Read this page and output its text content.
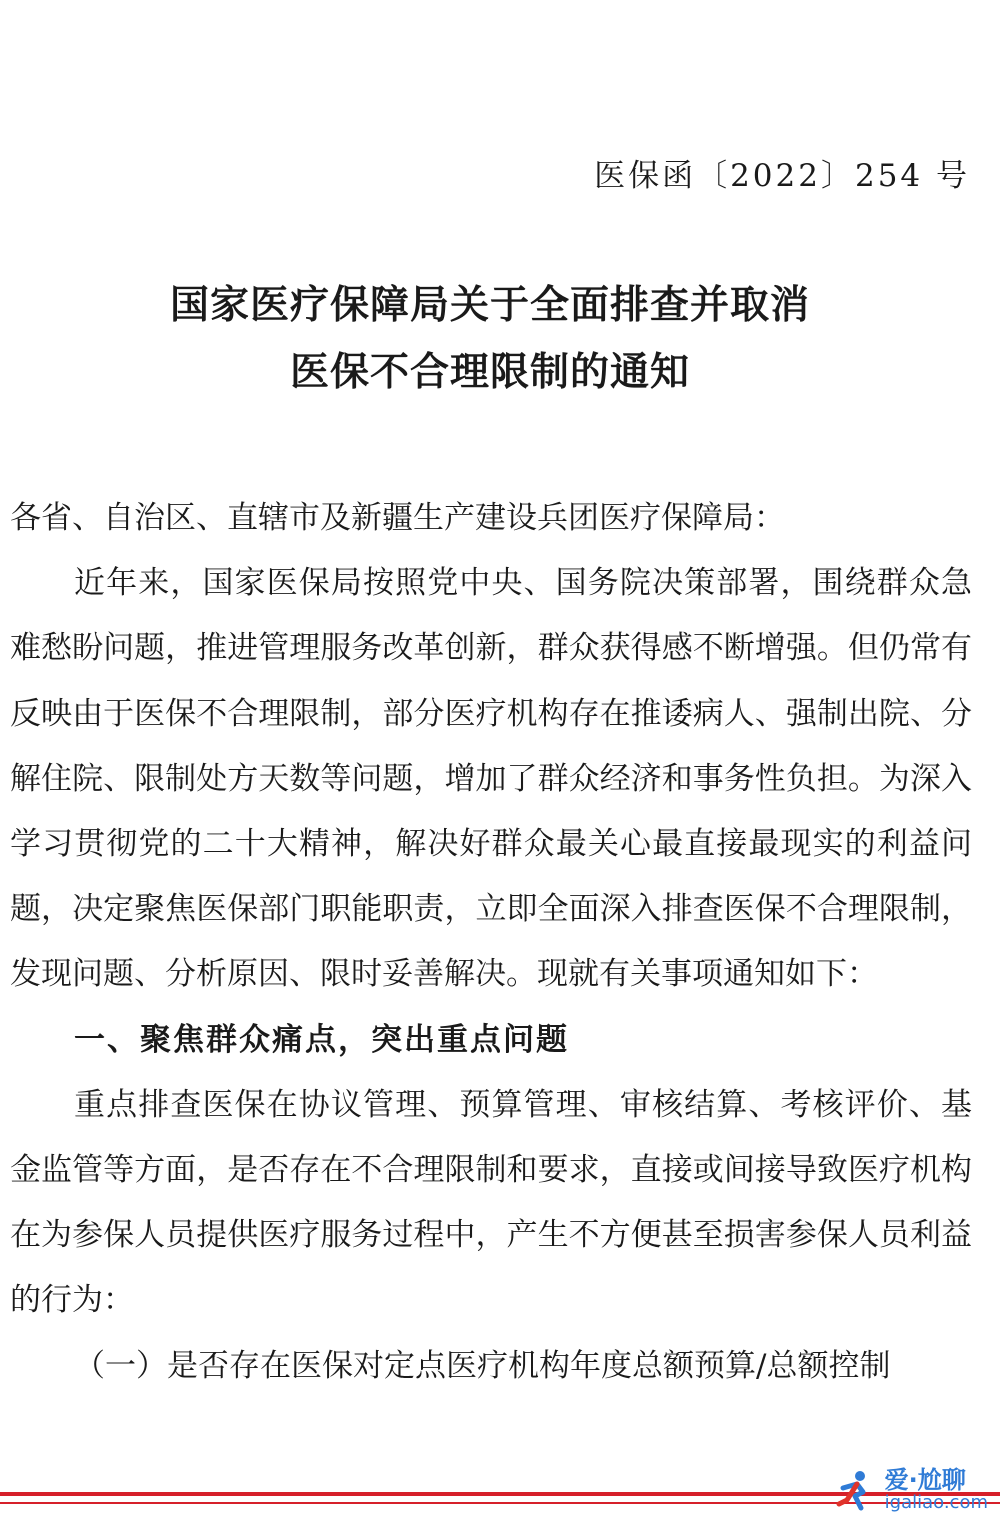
医保函〔2022〕254 号
国家医疗保障局关于全面排查并取消
医保不合理限制的通知

各省、自治区、直辖市及新疆生产建设兵团医疗保障局：

近年来，国家医保局按照党中央、国务院决策部署，围绕群众急难愁盼问题，推进管理服务改革创新，群众获得感不断增强。但仍常有反映由于医保不合理限制，部分医疗机构存在推诿病人、强制出院、分解住院、限制处方天数等问题，增加了群众经济和事务性负担。为深入学习贯彻党的二十大精神，解决好群众最关心最直接最现实的利益问题，决定聚焦医保部门职能职责，立即全面深入排查医保不合理限制，发现问题、分析原因、限时妥善解决。现就有关事项通知如下：

一、聚焦群众痛点，突出重点问题

重点排查医保在协议管理、预算管理、审核结算、考核评价、基金监管等方面，是否存在不合理限制和要求，直接或间接导致医疗机构在为参保人员提供医疗服务过程中，产生不方便甚至损害参保人员利益的行为：

（一）是否存在医保对定点医疗机构年度总额预算/总额控制

爱·尬聊
igaliao.com
